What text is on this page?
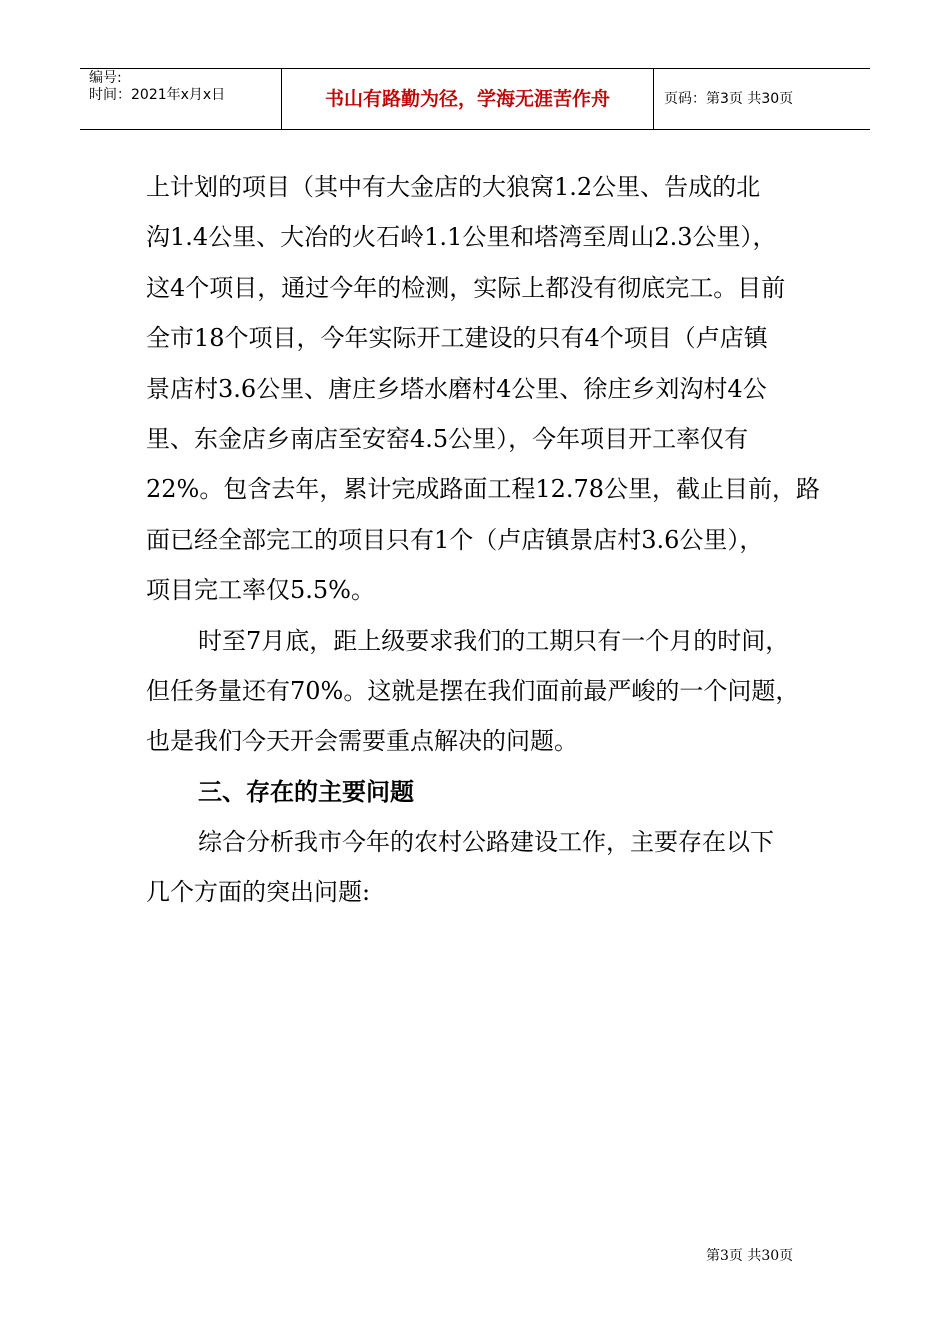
编号:
时间：2021年x月x日	书山有路勤为径，学海无涯苦作舟	页码：第3页 共30页
上计划的项目（其中有大金店的大狼窝1.2公里、告成的北
沟1.4公里、大冶的火石岭1.1公里和塔湾至周山2.3公里），
这4个项目，通过今年的检测，实际上都没有彻底完工。目前
全市18个项目，今年实际开工建设的只有4个项目（卢店镇
景店村3.6公里、唐庄乡塔水磨村4公里、徐庄乡刘沟村4公
里、东金店乡南店至安窑4.5公里），今年项目开工率仅有
22%。包含去年，累计完成路面工程12.78公里，截止目前，路
面已经全部完工的项目只有1个（卢店镇景店村3.6公里），
项目完工率仅5.5%。
时至7月底，距上级要求我们的工期只有一个月的时间，
但任务量还有70%。这就是摆在我们面前最严峻的一个问题，
也是我们今天开会需要重点解决的问题。
三、存在的主要问题
综合分析我市今年的农村公路建设工作，主要存在以下
几个方面的突出问题:
第3页 共30页
